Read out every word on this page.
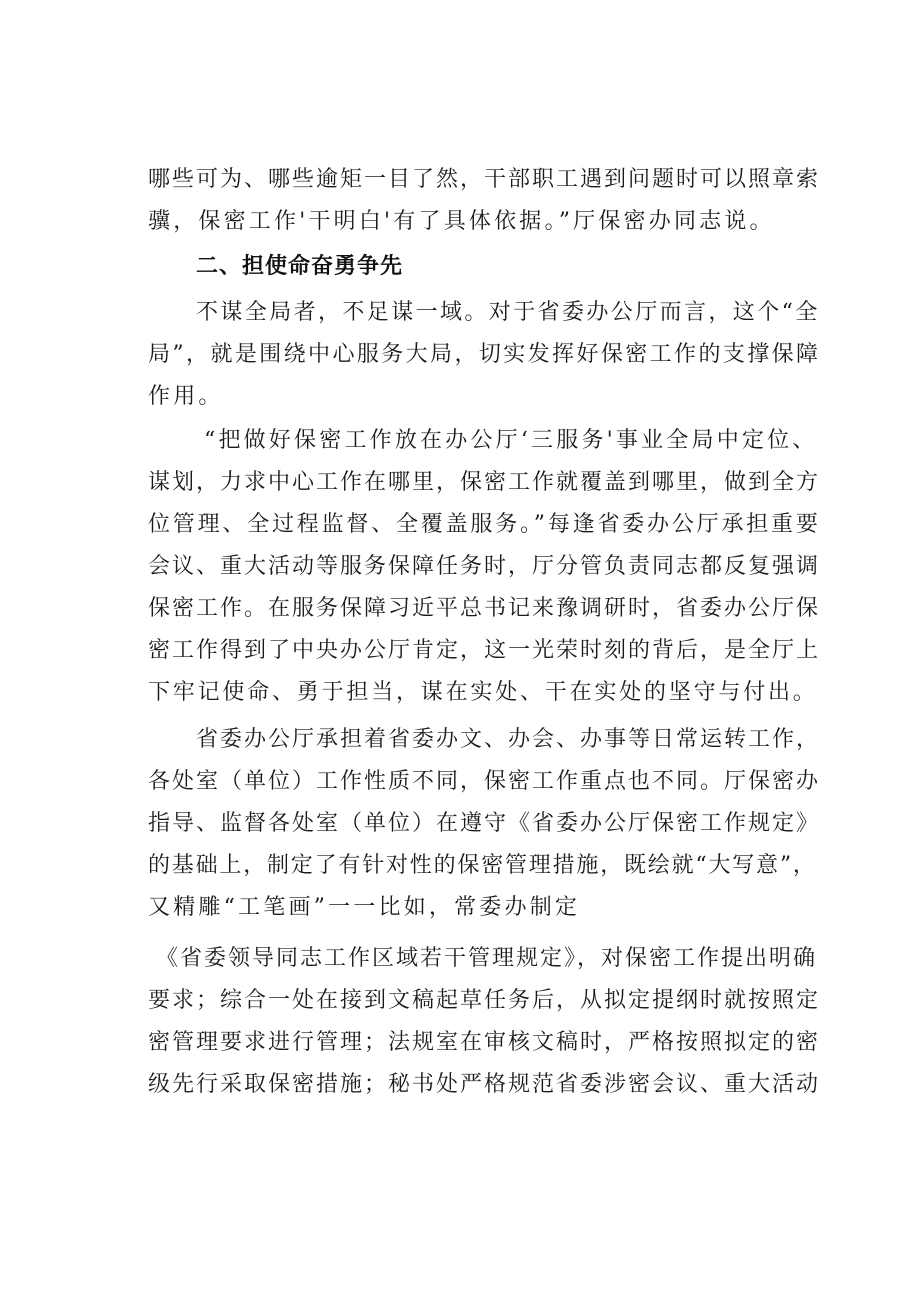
哪些可为、哪些逾矩一目了然，干部职工遇到问题时可以照章索
骥，保密工作'干明白'有了具体依据。”厅保密办同志说。
二、担使命奋勇争先
不谋全局者，不足谋一域。对于省委办公厅而言，这个“全
局”，就是围绕中心服务大局，切实发挥好保密工作的支撑保障
作用。
“把做好保密工作放在办公厅‘三服务'事业全局中定位、
谋划，力求中心工作在哪里，保密工作就覆盖到哪里，做到全方
位管理、全过程监督、全覆盖服务。”每逢省委办公厅承担重要
会议、重大活动等服务保障任务时，厅分管负责同志都反复强调
保密工作。在服务保障习近平总书记来豫调研时，省委办公厅保
密工作得到了中央办公厅肯定，这一光荣时刻的背后，是全厅上
下牢记使命、勇于担当，谋在实处、干在实处的坚守与付出。
省委办公厅承担着省委办文、办会、办事等日常运转工作，
各处室（单位）工作性质不同，保密工作重点也不同。厅保密办
指导、监督各处室（单位）在遵守《省委办公厅保密工作规定》
的基础上，制定了有针对性的保密管理措施，既绘就“大写意”，
又精雕“工笔画”一一比如，常委办制定
《省委领导同志工作区域若干管理规定》，对保密工作提出明确
要求；综合一处在接到文稿起草任务后，从拟定提纲时就按照定
密管理要求进行管理；法规室在审核文稿时，严格按照拟定的密
级先行采取保密措施；秘书处严格规范省委涉密会议、重大活动
